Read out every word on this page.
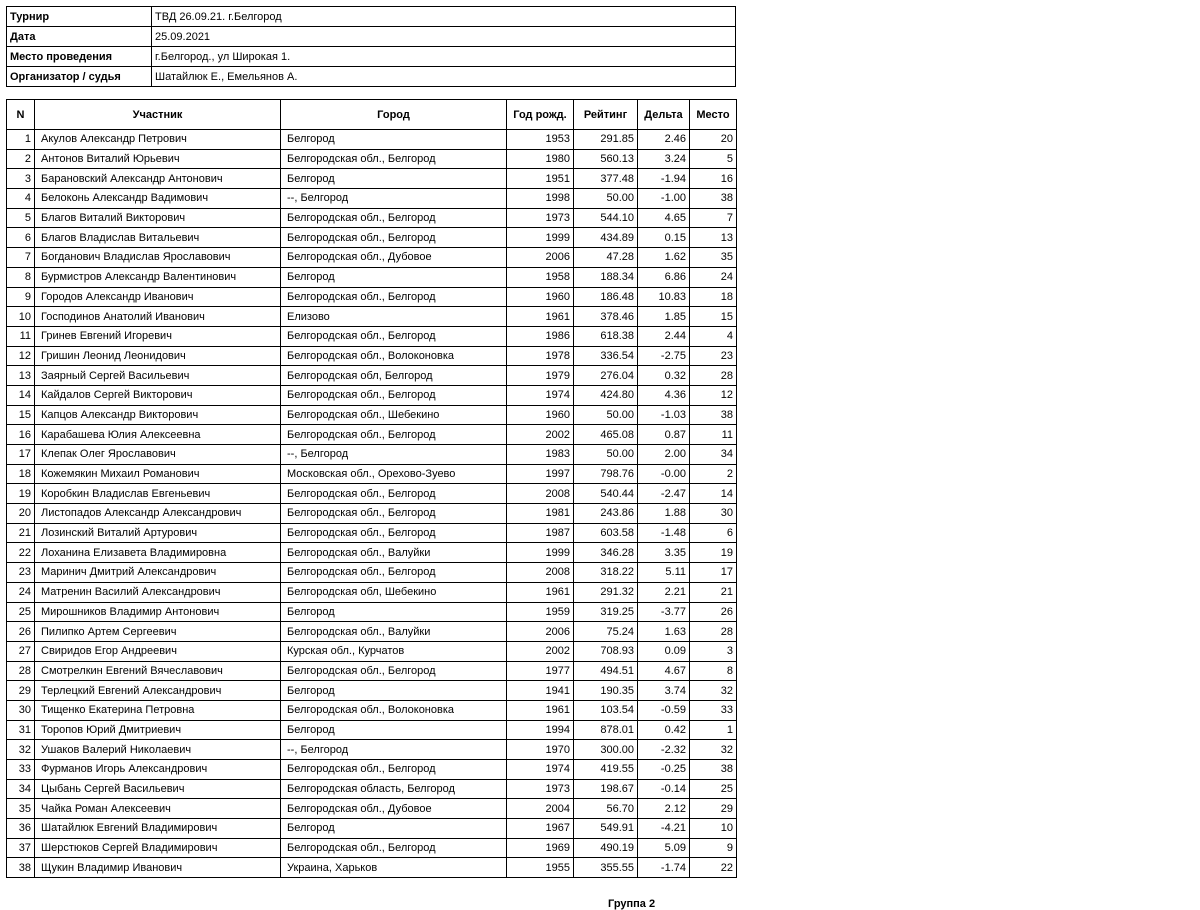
Турнир	ТВД 26.09.21. г.Белгород
Дата	25.09.2021
Место проведения	г.Белгород., ул Широкая 1.
Организатор / судья	Шатайлюк Е., Емельянов А.
N	Участник	Город	Год рожд.	Рейтинг	Дельта	Место
1	Акулов Александр Петрович	Белгород	1953	291.85	2.46	20
2	Антонов Виталий Юрьевич	Белгородская обл., Белгород	1980	560.13	3.24	5
3	Барановский Александр Антонович	Белгород	1951	377.48	-1.94	16
4	Белоконь Александр Вадимович	--, Белгород	1998	50.00	-1.00	38
5	Благов Виталий Викторович	Белгородская обл., Белгород	1973	544.10	4.65	7
6	Благов Владислав Витальевич	Белгородская обл., Белгород	1999	434.89	0.15	13
7	Богданович Владислав Ярославович	Белгородская обл., Дубовое	2006	47.28	1.62	35
8	Бурмистров Александр Валентинович	Белгород	1958	188.34	6.86	24
9	Городов Александр Иванович	Белгородская обл., Белгород	1960	186.48	10.83	18
10	Господинов Анатолий Иванович	Елизово	1961	378.46	1.85	15
11	Гринев Евгений Игоревич	Белгородская обл., Белгород	1986	618.38	2.44	4
12	Гришин Леонид Леонидович	Белгородская обл., Волоконовка	1978	336.54	-2.75	23
13	Заярный Сергей Васильевич	Белгородская обл, Белгород	1979	276.04	0.32	28
14	Кайдалов Сергей Викторович	Белгородская обл., Белгород	1974	424.80	4.36	12
15	Капцов Александр Викторович	Белгородская обл., Шебекино	1960	50.00	-1.03	38
16	Карабашева Юлия Алексеевна	Белгородская обл., Белгород	2002	465.08	0.87	11
17	Клепак Олег Ярославович	--, Белгород	1983	50.00	2.00	34
18	Кожемякин Михаил Романович	Московская обл., Орехово-Зуево	1997	798.76	-0.00	2
19	Коробкин Владислав Евгеньевич	Белгородская обл., Белгород	2008	540.44	-2.47	14
20	Листопадов Александр Александрович	Белгородская обл., Белгород	1981	243.86	1.88	30
21	Лозинский Виталий Артурович	Белгородская обл., Белгород	1987	603.58	-1.48	6
22	Лоханина Елизавета Владимировна	Белгородская обл., Валуйки	1999	346.28	3.35	19
23	Маринич Дмитрий Александрович	Белгородская обл., Белгород	2008	318.22	5.11	17
24	Матренин Василий Александрович	Белгородская обл, Шебекино	1961	291.32	2.21	21
25	Мирошников Владимир Антонович	Белгород	1959	319.25	-3.77	26
26	Пилипко Артем Сергеевич	Белгородская обл., Валуйки	2006	75.24	1.63	28
27	Свиридов Егор Андреевич	Курская обл., Курчатов	2002	708.93	0.09	3
28	Смотрелкин Евгений Вячеславович	Белгородская обл., Белгород	1977	494.51	4.67	8
29	Терлецкий Евгений Александрович	Белгород	1941	190.35	3.74	32
30	Тищенко Екатерина Петровна	Белгородская обл., Волоконовка	1961	103.54	-0.59	33
31	Торопов Юрий Дмитриевич	Белгород	1994	878.01	0.42	1
32	Ушаков Валерий Николаевич	--, Белгород	1970	300.00	-2.32	32
33	Фурманов Игорь Александрович	Белгородская обл., Белгород	1974	419.55	-0.25	38
34	Цыбань Сергей Васильевич	Белгородская область, Белгород	1973	198.67	-0.14	25
35	Чайка Роман Алексеевич	Белгородская обл., Дубовое	2004	56.70	2.12	29
36	Шатайлюк Евгений Владимирович	Белгород	1967	549.91	-4.21	10
37	Шерстюков Сергей Владимирович	Белгородская обл., Белгород	1969	490.19	5.09	9
38	Щукин Владимир Иванович	Украина, Харьков	1955	355.55	-1.74	22
Группа 2
